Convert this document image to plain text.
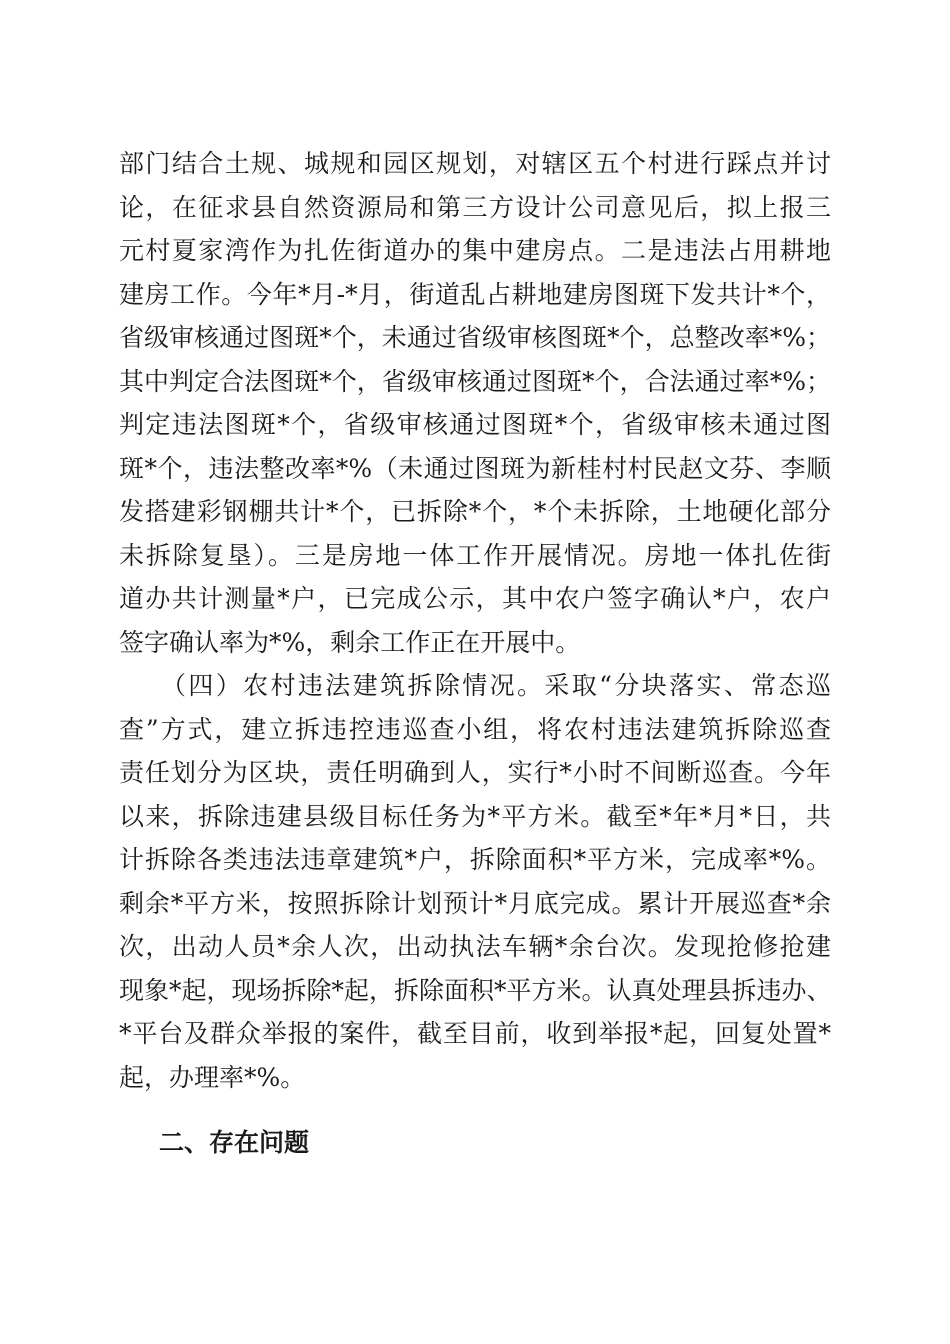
部门结合土规、城规和园区规划，对辖区五个村进行踩点并讨
论，在征求县自然资源局和第三方设计公司意见后，拟上报三
元村夏家湾作为扎佐街道办的集中建房点。二是违法占用耕地
建房工作。今年*月-*月，街道乱占耕地建房图斑下发共计*个，
省级审核通过图斑*个，未通过省级审核图斑*个，总整改率*%；
其中判定合法图斑*个，省级审核通过图斑*个，合法通过率*%；
判定违法图斑*个，省级审核通过图斑*个，省级审核未通过图
斑*个，违法整改率*%（未通过图斑为新桂村村民赵文芬、李顺
发搭建彩钢棚共计*个，已拆除*个，*个未拆除，土地硬化部分
未拆除复垦）。三是房地一体工作开展情况。房地一体扎佐街
道办共计测量*户，已完成公示，其中农户签字确认*户，农户
签字确认率为*%，剩余工作正在开展中。
（四）农村违法建筑拆除情况。采取“分块落实、常态巡
查”方式，建立拆违控违巡查小组，将农村违法建筑拆除巡查
责任划分为区块，责任明确到人，实行*小时不间断巡查。今年
以来，拆除违建县级目标任务为*平方米。截至*年*月*日，共
计拆除各类违法违章建筑*户，拆除面积*平方米，完成率*%。
剩余*平方米，按照拆除计划预计*月底完成。累计开展巡查*余
次，出动人员*余人次，出动执法车辆*余台次。发现抢修抢建
现象*起，现场拆除*起，拆除面积*平方米。认真处理县拆违办、
*平台及群众举报的案件，截至目前，收到举报*起，回复处置*
起，办理率*%。
二、存在问题
